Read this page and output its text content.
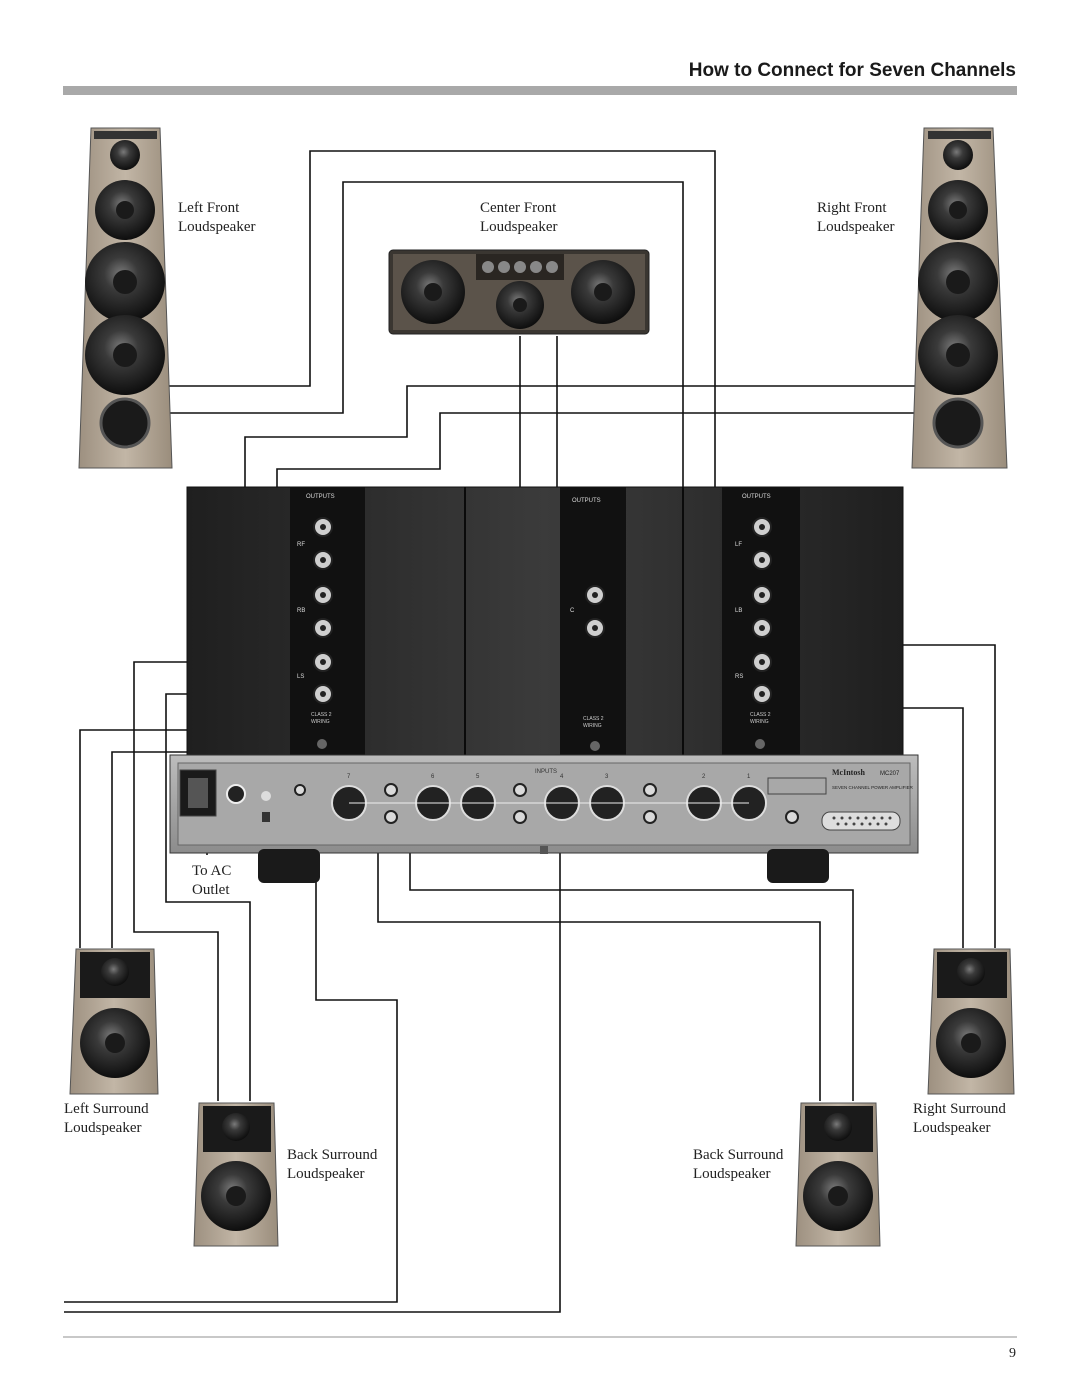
How to Connect for Seven Channels
OUTPUTS
OUTPUTS
OUTPUTS
CLASS 2
WIRING	CLASS 2
WIRING
CLASS 2
WIRING
RF
RB
LS
C
LF
LB
RS
INPUTS
7	6	5	4	3	2	1	McIntosh	MC207
SEVEN CHANNEL POWER AMPLIFIER
Left Front
Loudspeaker
Center Front
Loudspeaker
Right Front
Loudspeaker
To AC
Outlet
Left Surround
Loudspeaker
Right Surround
Loudspeaker
Back Surround
Loudspeaker
Back Surround
Loudspeaker
9
